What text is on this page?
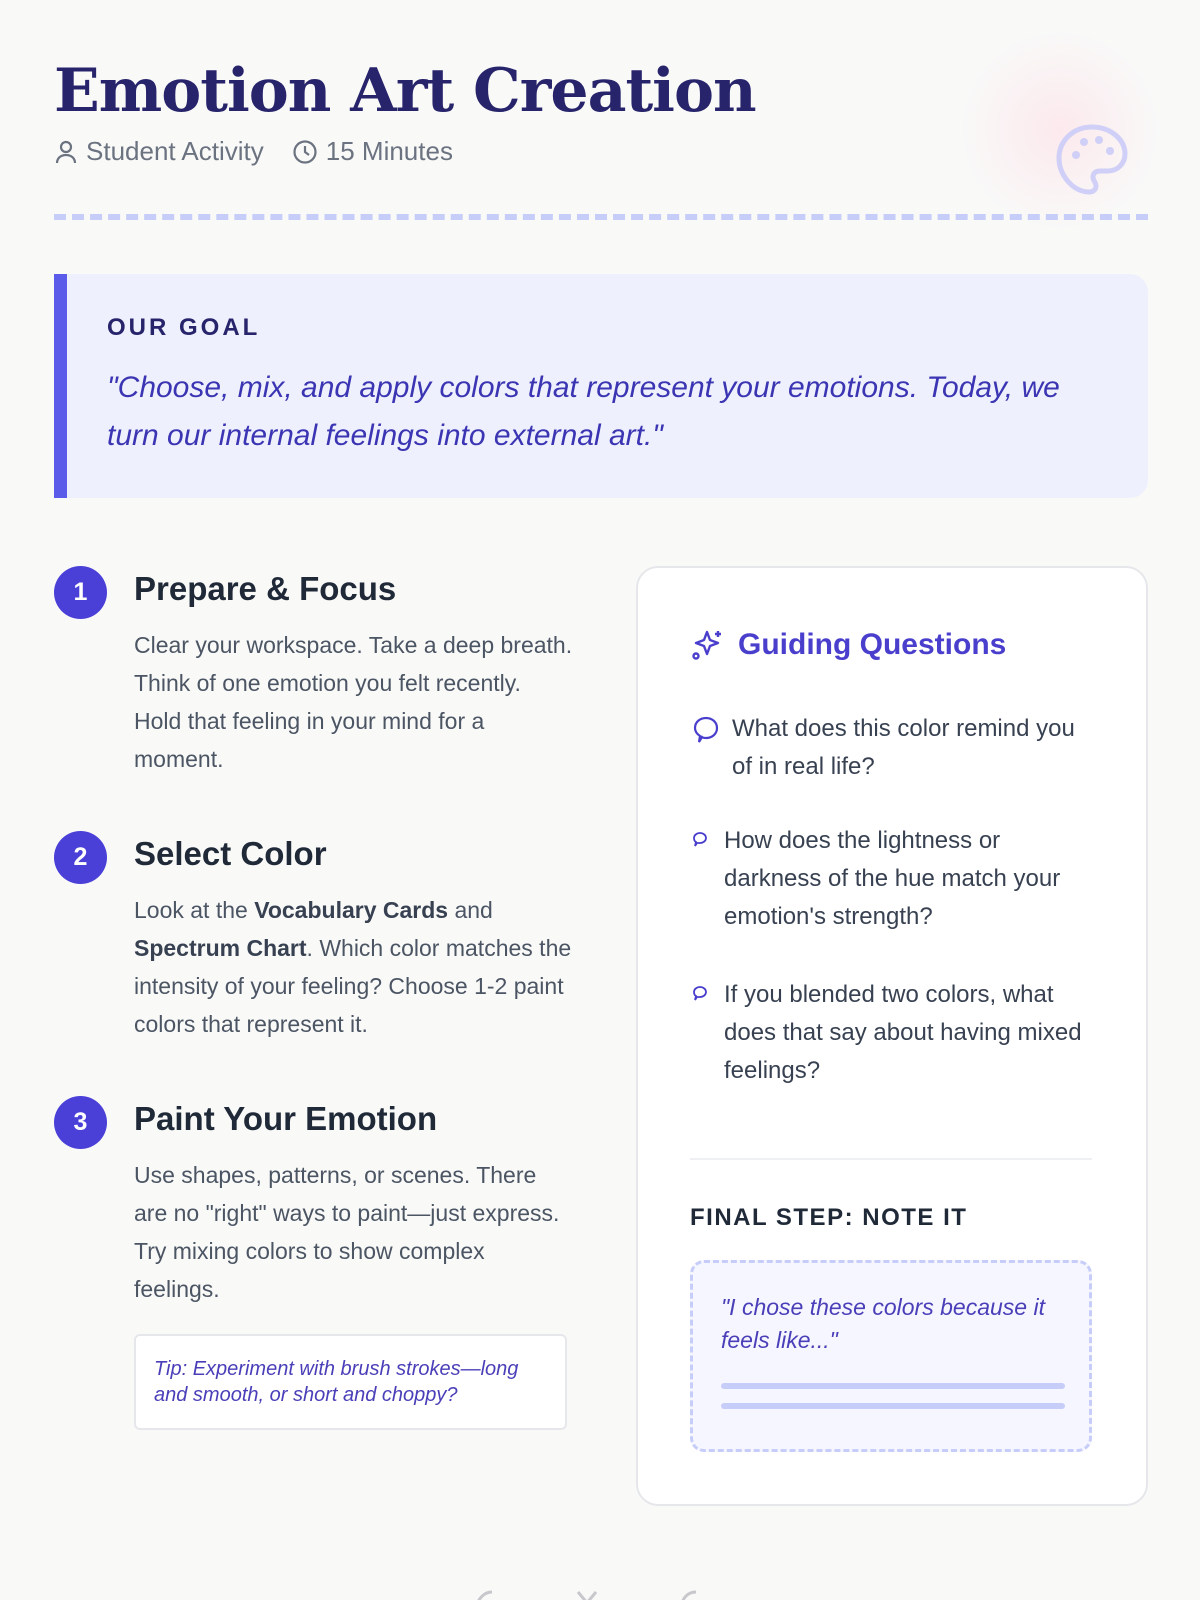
Emotion Art Creation
Student Activity 15 Minutes
OUR GOAL
"Choose, mix, and apply colors that represent your emotions. Today, we turn our internal feelings into external art."
1	Prepare & Focus
Clear your workspace. Take a deep breath. Think of one emotion you felt recently. Hold that feeling in your mind for a moment.
2	Select Color
Look at the Vocabulary Cards and Spectrum Chart. Which color matches the intensity of your feeling? Choose 1-2 paint colors that represent it.
3	Paint Your Emotion
Use shapes, patterns, or scenes. There are no "right" ways to paint—just express. Try mixing colors to show complex feelings.
Tip: Experiment with brush strokes—long and smooth, or short and choppy?
Guiding Questions
What does this color remind you of in real life?
How does the lightness or darkness of the hue match your emotion's strength?
If you blended two colors, what does that say about having mixed feelings?
FINAL STEP: NOTE IT
"I chose these colors because it feels like..."
